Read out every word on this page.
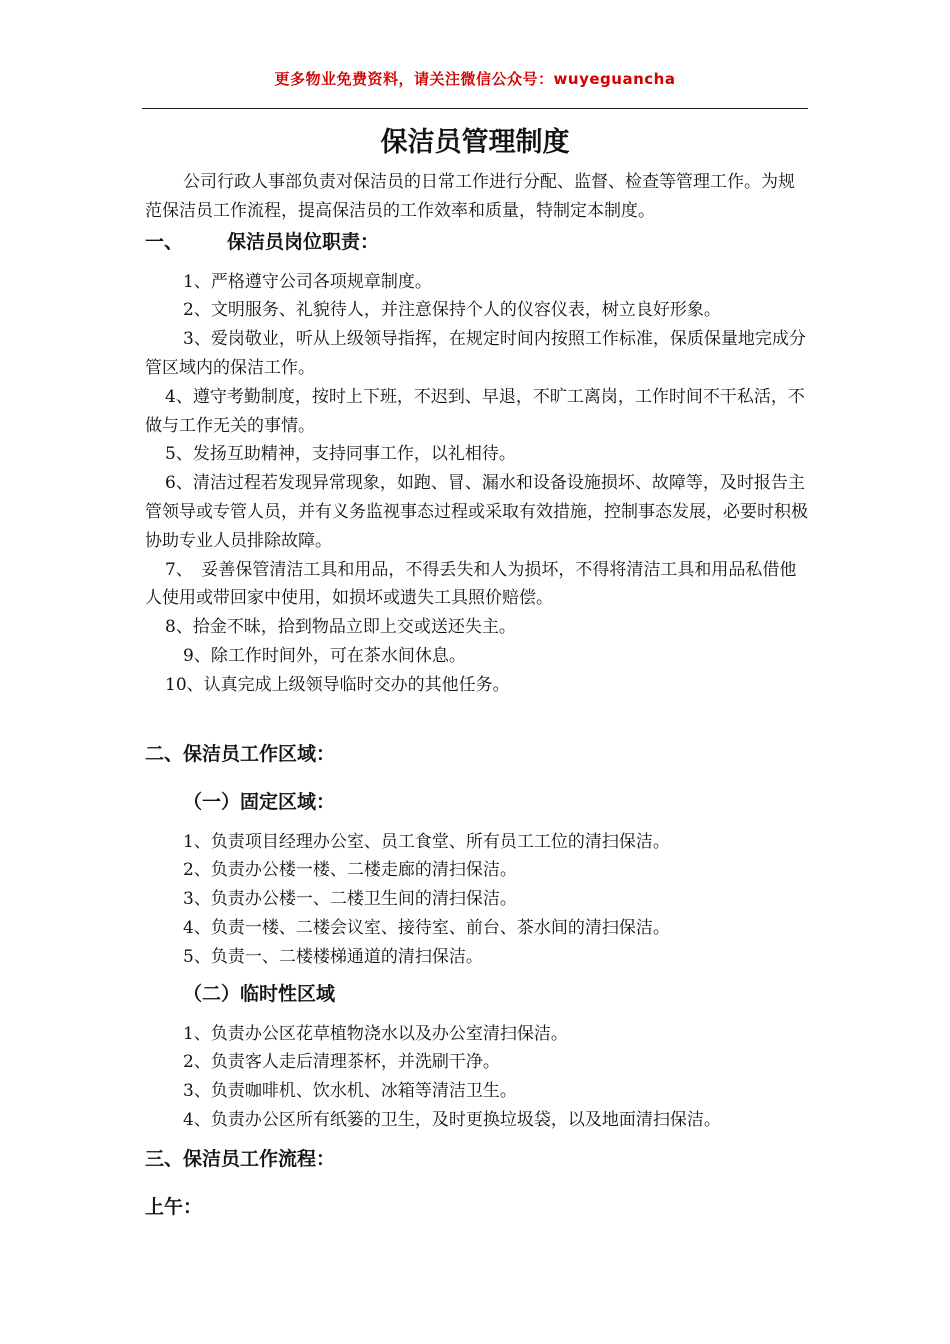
更多物业免费资料，请关注微信公众号：wuyeguancha
保洁员管理制度

公司行政人事部负责对保洁员的日常工作进行分配、监督、检查等管理工作。为规范保洁员工作流程，提高保洁员的工作效率和质量，特制定本制度。

一、 保洁员岗位职责：

1、严格遵守公司各项规章制度。

2、文明服务、礼貌待人，并注意保持个人的仪容仪表，树立良好形象。

3、爱岗敬业，听从上级领导指挥，在规定时间内按照工作标准，保质保量地完成分管区域内的保洁工作。

4、遵守考勤制度，按时上下班，不迟到、早退，不旷工离岗，工作时间不干私活，不做与工作无关的事情。

5、发扬互助精神，支持同事工作，以礼相待。

6、清洁过程若发现异常现象，如跑、冒、漏水和设备设施损坏、故障等，及时报告主管领导或专管人员，并有义务监视事态过程或采取有效措施，控制事态发展，必要时积极协助专业人员排除故障。

7、　妥善保管清洁工具和用品，不得丢失和人为损坏，不得将清洁工具和用品私借他人使用或带回家中使用，如损坏或遗失工具照价赔偿。

8、拾金不昧，拾到物品立即上交或送还失主。

9、除工作时间外，可在茶水间休息。

10、认真完成上级领导临时交办的其他任务。

二、保洁员工作区域：
（一）固定区域：

1、负责项目经理办公室、员工食堂、所有员工工位的清扫保洁。

2、负责办公楼一楼、二楼走廊的清扫保洁。

3、负责办公楼一、二楼卫生间的清扫保洁。

4、负责一楼、二楼会议室、接待室、前台、茶水间的清扫保洁。

5、负责一、二楼楼梯通道的清扫保洁。

（二）临时性区域

1、负责办公区花草植物浇水以及办公室清扫保洁。

2、负责客人走后清理茶杯，并洗刷干净。

3、负责咖啡机、饮水机、冰箱等清洁卫生。

4、负责办公区所有纸篓的卫生，及时更换垃圾袋，以及地面清扫保洁。

三、保洁员工作流程：
上午：
